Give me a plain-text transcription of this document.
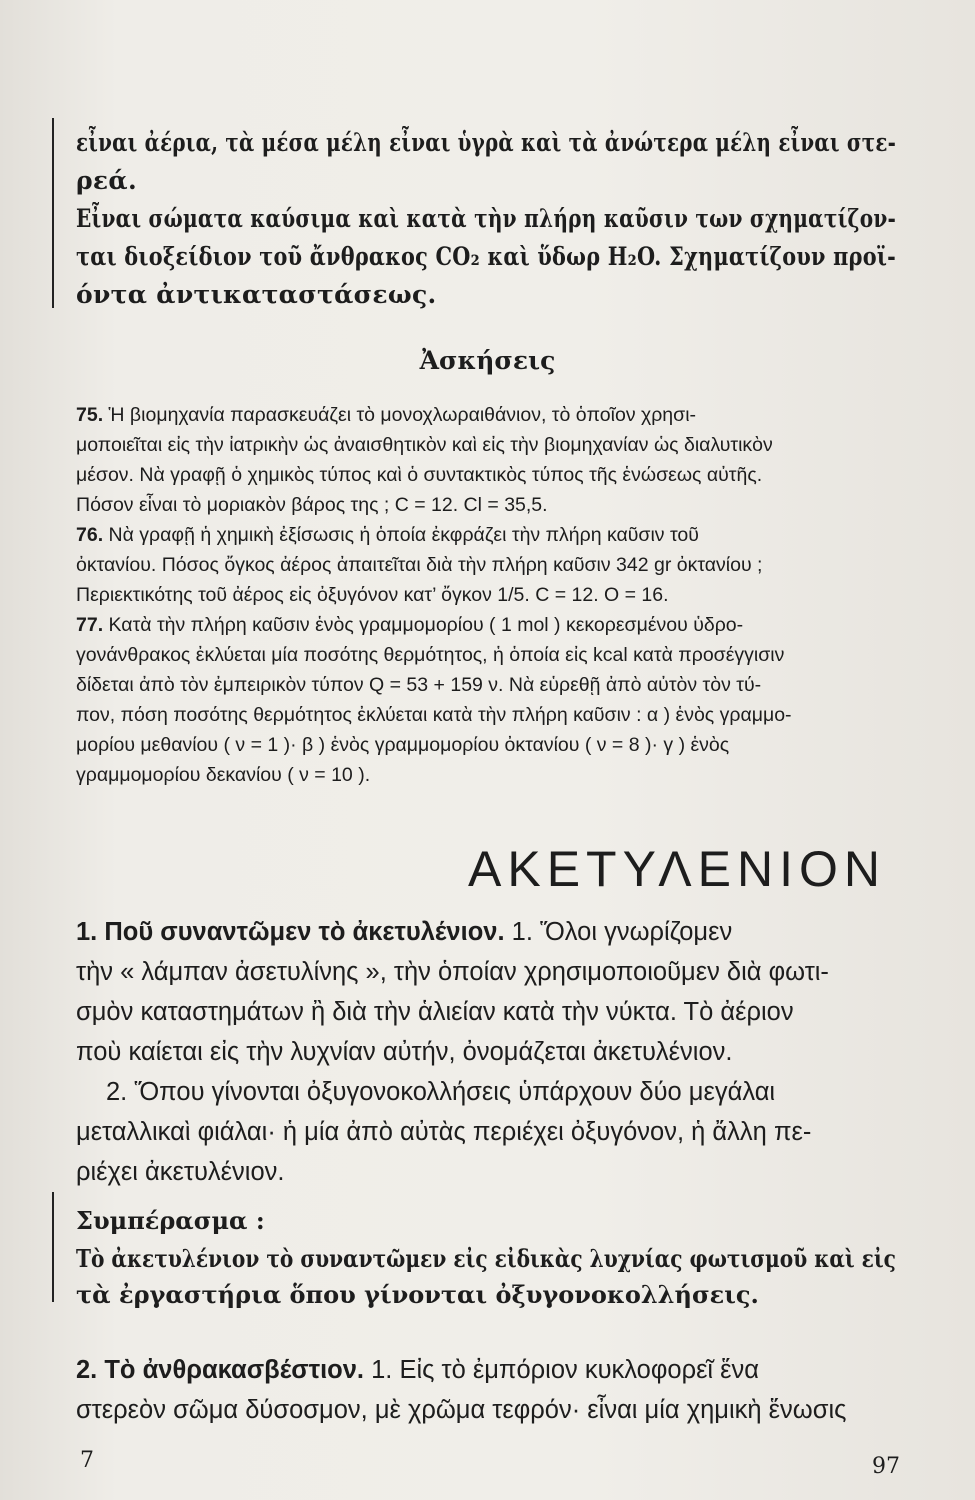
εἶναι ἀέρια, τὰ μέσα μέλη εἶναι ὑγρὰ καὶ τὰ ἀνώτερα μέλη εἶναι στε-
ρεά.
Εἶναι σώματα καύσιμα καὶ κατὰ τὴν πλήρη καῦσιν των σχηματίζον-
ται διοξείδιον τοῦ ἄνθρακος CO₂ καὶ ὕδωρ H₂O. Σχηματίζουν προϊ-
όντα ἀντικαταστάσεως.
Ἀσκήσεις
75. Ἡ βιομηχανία παρασκευάζει τὸ μονοχλωραιθάνιον, τὸ ὁποῖον χρησι-
μοποιεῖται εἰς τὴν ἰατρικὴν ὡς ἀναισθητικὸν καὶ εἰς τὴν βιομηχανίαν ὡς διαλυτικὸν
μέσον. Νὰ γραφῇ ὁ χημικὸς τύπος καὶ ὁ συντακτικὸς τύπος τῆς ἑνώσεως αὐτῆς.
Πόσον εἶναι τὸ μοριακὸν βάρος της ; C = 12. Cl = 35,5.
76. Νὰ γραφῇ ἡ χημικὴ ἐξίσωσις ἡ ὁποία ἐκφράζει τὴν πλήρη καῦσιν τοῦ
ὀκτανίου. Πόσος ὄγκος ἀέρος ἀπαιτεῖται διὰ τὴν πλήρη καῦσιν 342 gr ὀκτανίου ;
Περιεκτικότης τοῦ ἀέρος εἰς ὀξυγόνον κατ’ ὄγκον 1/5. C = 12. O = 16.
77. Κατὰ τὴν πλήρη καῦσιν ἑνὸς γραμμομορίου ( 1 mol ) κεκορεσμένου ὑδρο-
γονάνθρακος ἐκλύεται μία ποσότης θερμότητος, ἡ ὁποία εἰς kcal κατὰ προσέγγισιν
δίδεται ἀπὸ τὸν ἐμπειρικὸν τύπον Q = 53 + 159 ν. Νὰ εὑρεθῇ ἀπὸ αὐτὸν τὸν τύ-
πον, πόση ποσότης θερμότητος ἐκλύεται κατὰ τὴν πλήρη καῦσιν : α ) ἑνὸς γραμμο-
μορίου μεθανίου ( ν = 1 )· β ) ἑνὸς γραμμομορίου ὀκτανίου ( ν = 8 )· γ ) ἑνὸς
γραμμομορίου δεκανίου ( ν = 10 ).
ΑΚΕΤΥΛΕΝΙΟΝ
1. Ποῦ συναντῶμεν τὸ ἀκετυλένιον. 1. Ὅλοι γνωρίζομεν
τὴν « λάμπαν ἀσετυλίνης », τὴν ὁποίαν χρησιμοποιοῦμεν διὰ φωτι-
σμὸν καταστημάτων ἢ διὰ τὴν ἁλιείαν κατὰ τὴν νύκτα. Τὸ ἀέριον
ποὺ καίεται εἰς τὴν λυχνίαν αὐτήν, ὀνομάζεται ἀκετυλένιον.
2. Ὅπου γίνονται ὀξυγονοκολλήσεις ὑπάρχουν δύο μεγάλαι
μεταλλικαὶ φιάλαι· ἡ μία ἀπὸ αὐτὰς περιέχει ὀξυγόνον, ἡ ἄλλη πε-
ριέχει ἀκετυλένιον.
Συμπέρασμα :
Τὸ ἀκετυλένιον τὸ συναντῶμεν εἰς εἰδικὰς λυχνίας φωτισμοῦ καὶ εἰς
τὰ ἐργαστήρια ὅπου γίνονται ὀξυγονοκολλήσεις.
2. Τὸ ἀνθρακασβέστιον. 1. Εἰς τὸ ἐμπόριον κυκλοφορεῖ ἕνα
στερεὸν σῶμα δύσοσμον, μὲ χρῶμα τεφρόν· εἶναι μία χημικὴ ἕνωσις
7	97
